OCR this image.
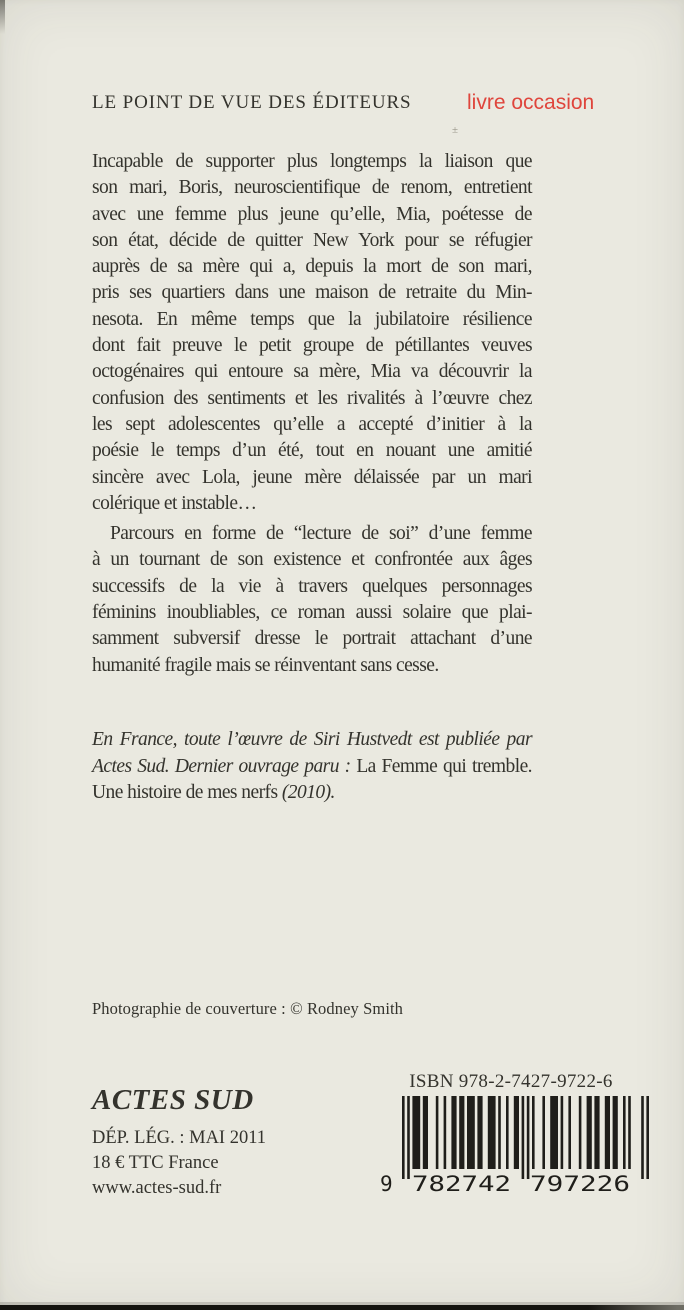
livre occasion
LE POINT DE VUE DES ÉDITEURS
±
Incapable de supporter plus longtemps la liaison que
son mari, Boris, neuroscientifique de renom, entretient
avec une femme plus jeune qu’elle, Mia, poétesse de
son état, décide de quitter New York pour se réfugier
auprès de sa mère qui a, depuis la mort de son mari,
pris ses quartiers dans une maison de retraite du Min-
nesota. En même temps que la jubilatoire résilience
dont fait preuve le petit groupe de pétillantes veuves
octogénaires qui entoure sa mère, Mia va découvrir la
confusion des sentiments et les rivalités à l’œuvre chez
les sept adolescentes qu’elle a accepté d’initier à la
poésie le temps d’un été, tout en nouant une amitié
sincère avec Lola, jeune mère délaissée par un mari
colérique et instable…
Parcours en forme de “lecture de soi” d’une femme
à un tournant de son existence et confrontée aux âges
successifs de la vie à travers quelques personnages
féminins inoubliables, ce roman aussi solaire que plai-
samment subversif dresse le portrait attachant d’une
humanité fragile mais se réinventant sans cesse.
En France, toute l’œuvre de Siri Hustvedt est publiée par
Actes Sud. Dernier ouvrage paru : La Femme qui tremble.
Une histoire de mes nerfs (2010).
Photographie de couverture : © Rodney Smith
ACTES SUD
DÉP. LÉG. : MAI 2011
18 € TTC France
www.actes-sud.fr
ISBN 978-2-7427-9722-6
9 782742 797226
